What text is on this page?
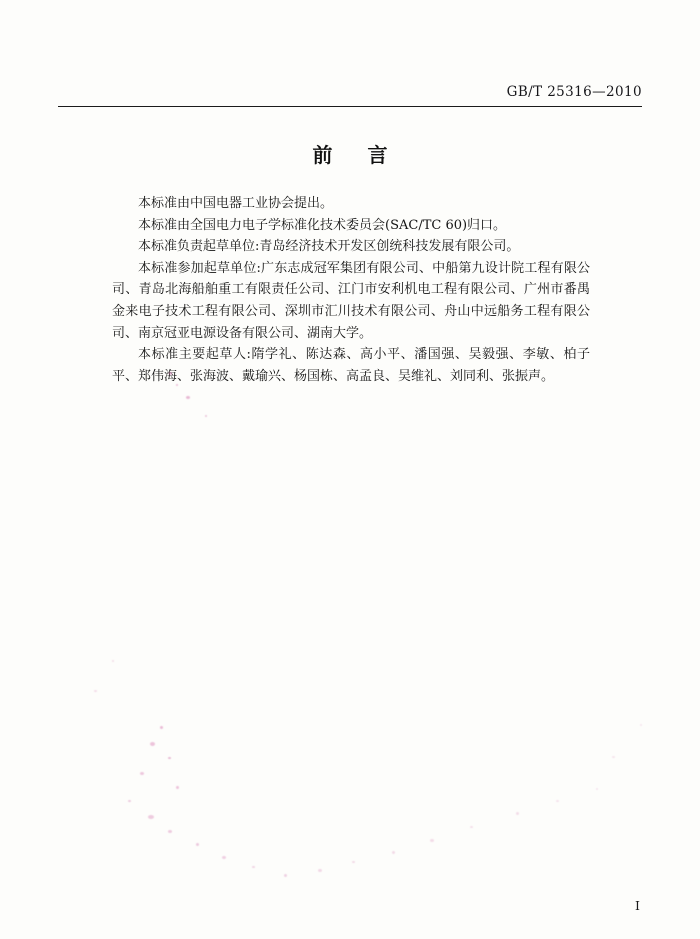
GB/T 25316—2010
前 言

本标准由中国电器工业协会提出。

本标准由全国电力电子学标准化技术委员会(SAC/TC 60)归口。

本标准负责起草单位:青岛经济技术开发区创统科技发展有限公司。

本标准参加起草单位:广东志成冠军集团有限公司、中船第九设计院工程有限公司、青岛北海船舶重工有限责任公司、江门市安利机电工程有限公司、广州市番禺金来电子技术工程有限公司、深圳市汇川技术有限公司、舟山中远船务工程有限公司、南京冠亚电源设备有限公司、湖南大学。

本标准主要起草人:隋学礼、陈达森、高小平、潘国强、吴毅强、李敏、柏子平、郑伟海、张海波、戴瑜兴、杨国栋、高孟良、吴维礼、刘同利、张振声。

I
